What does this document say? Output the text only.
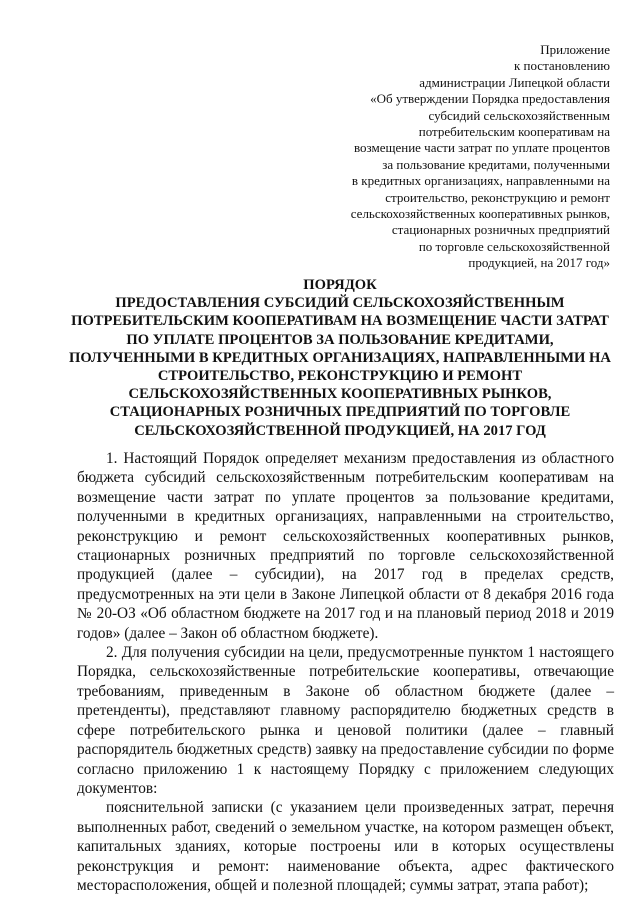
Приложение
к постановлению
администрации Липецкой области
«Об утверждении Порядка предоставления
субсидий сельскохозяйственным
потребительским кооперативам на
возмещение части затрат по уплате процентов
за пользование кредитами, полученными
в кредитных организациях, направленными на
строительство, реконструкцию и ремонт
сельскохозяйственных кооперативных рынков,
стационарных розничных предприятий
по торговле сельскохозяйственной
продукцией, на 2017 год»
ПОРЯДОК
ПРЕДОСТАВЛЕНИЯ СУБСИДИЙ СЕЛЬСКОХОЗЯЙСТВЕННЫМ
ПОТРЕБИТЕЛЬСКИМ КООПЕРАТИВАМ НА ВОЗМЕЩЕНИЕ ЧАСТИ ЗАТРАТ
ПО УПЛАТЕ ПРОЦЕНТОВ ЗА ПОЛЬЗОВАНИЕ КРЕДИТАМИ,
ПОЛУЧЕННЫМИ В КРЕДИТНЫХ ОРГАНИЗАЦИЯХ, НАПРАВЛЕННЫМИ НА
СТРОИТЕЛЬСТВО, РЕКОНСТРУКЦИЮ И РЕМОНТ
СЕЛЬСКОХОЗЯЙСТВЕННЫХ КООПЕРАТИВНЫХ РЫНКОВ,
СТАЦИОНАРНЫХ РОЗНИЧНЫХ ПРЕДПРИЯТИЙ ПО ТОРГОВЛЕ
СЕЛЬСКОХОЗЯЙСТВЕННОЙ ПРОДУКЦИЕЙ, НА 2017 ГОД

1. Настоящий Порядок определяет механизм предоставления из областного бюджета субсидий сельскохозяйственным потребительским кооперативам на возмещение части затрат по уплате процентов за пользование кредитами, полученными в кредитных организациях, направленными на строительство, реконструкцию и ремонт сельскохозяйственных кооперативных рынков, стационарных розничных предприятий по торговле сельскохозяйственной продукцией (далее – субсидии), на 2017 год в пределах средств, предусмотренных на эти цели в Законе Липецкой области от 8 декабря 2016 года № 20-ОЗ «Об областном бюджете на 2017 год и на плановый период 2018 и 2019 годов» (далее – Закон об областном бюджете).

2. Для получения субсидии на цели, предусмотренные пунктом 1 настоящего Порядка, сельскохозяйственные потребительские кооперативы, отвечающие требованиям, приведенным в Законе об областном бюджете (далее – претенденты), представляют главному распорядителю бюджетных средств в сфере потребительского рынка и ценовой политики (далее – главный распорядитель бюджетных средств) заявку на предоставление субсидии по форме согласно приложению 1 к настоящему Порядку с приложением следующих документов:

пояснительной записки (с указанием цели произведенных затрат, перечня выполненных работ, сведений о земельном участке, на котором размещен объект, капитальных зданиях, которые построены или в которых осуществлены реконструкция и ремонт: наименование объекта, адрес фактического месторасположения, общей и полезной площадей; суммы затрат, этапа работ);
